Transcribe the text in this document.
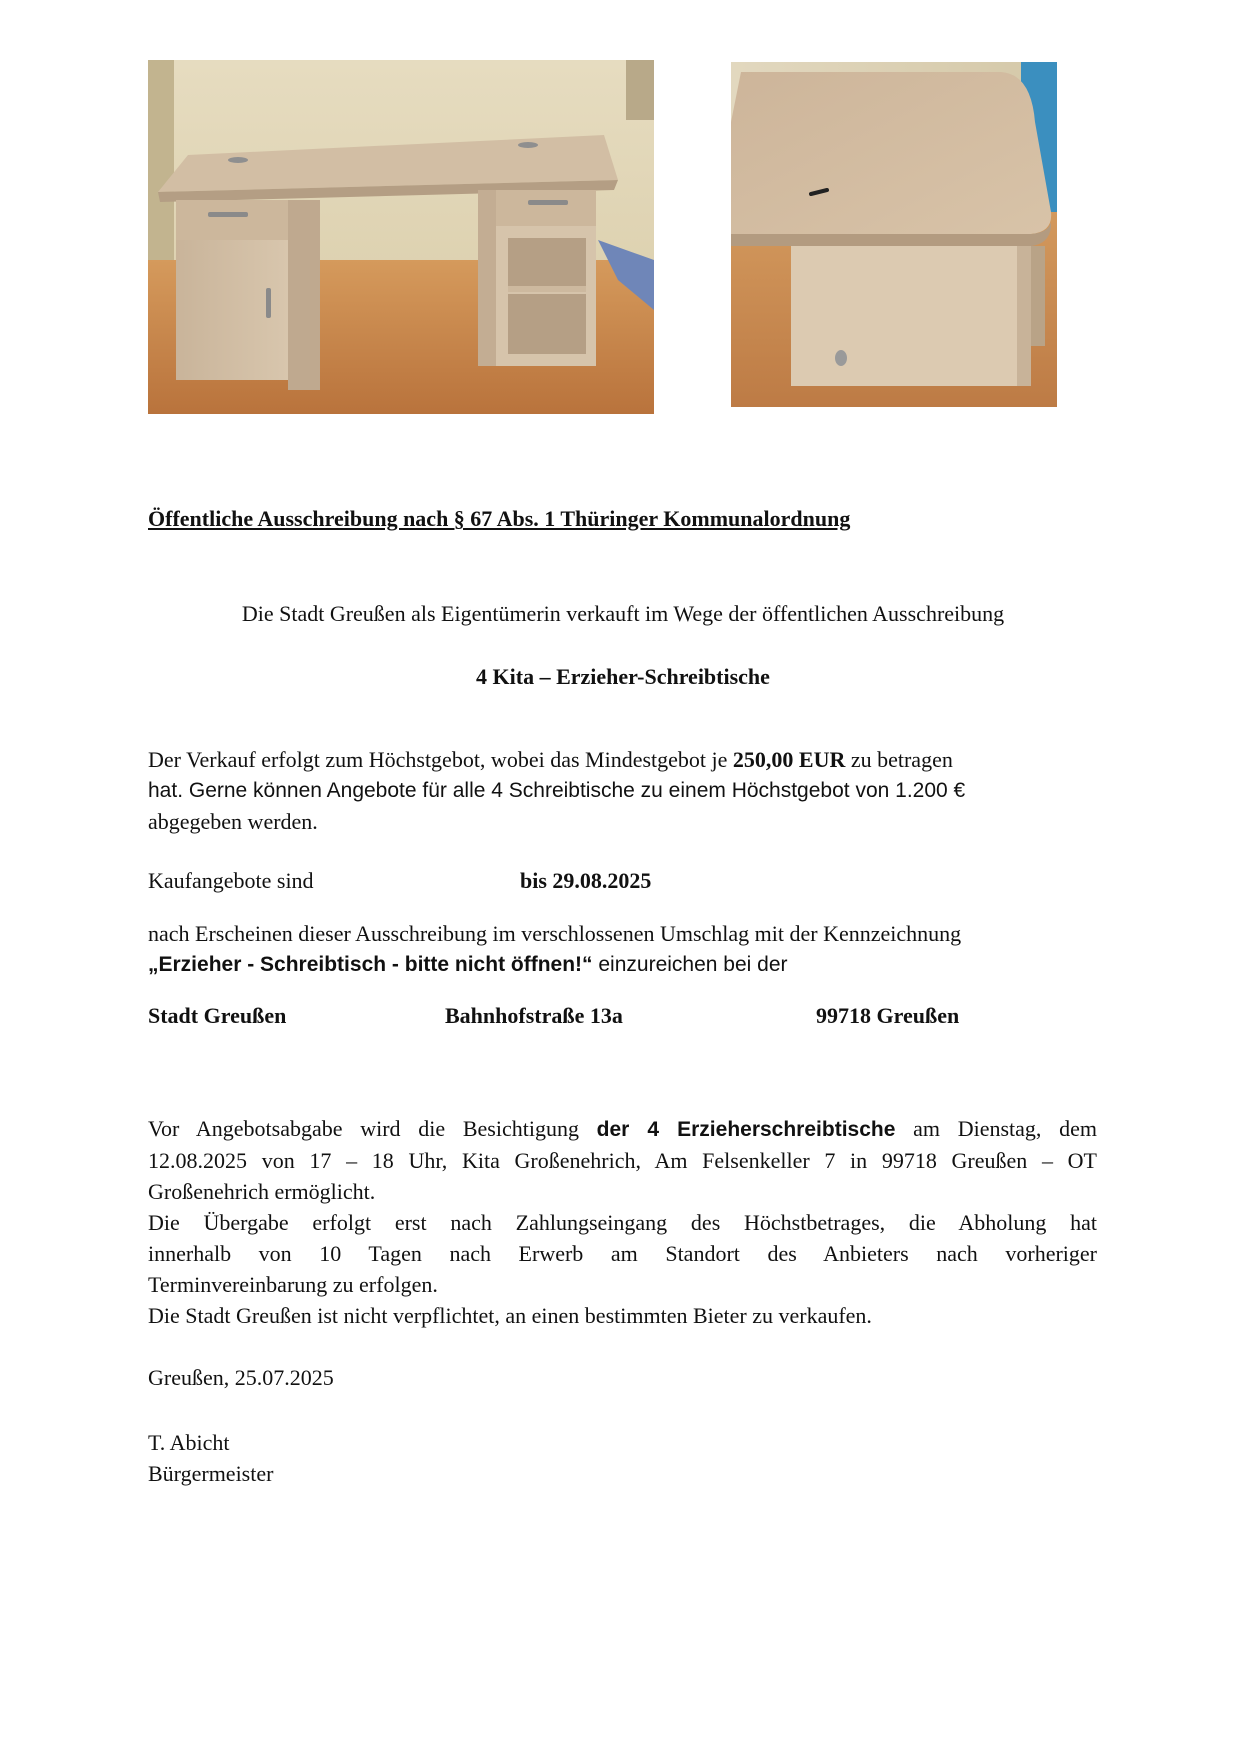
Öffentliche Ausschreibung nach § 67 Abs. 1 Thüringer Kommunalordnung
Die Stadt Greußen als Eigentümerin verkauft im Wege der öffentlichen Ausschreibung
4 Kita – Erzieher-Schreibtische
Der Verkauf erfolgt zum Höchstgebot, wobei das Mindestgebot je 250,00 EUR zu betragen
hat. Gerne können Angebote für alle 4 Schreibtische zu einem Höchstgebot von 1.200 €
abgegeben werden.
Kaufangebote sind	bis 29.08.2025
nach Erscheinen dieser Ausschreibung im verschlossenen Umschlag mit der Kennzeichnung
„Erzieher - Schreibtisch - bitte nicht öffnen!“ einzureichen bei der
Stadt Greußen	Bahnhofstraße 13a	99718 Greußen
Vor Angebotsabgabe wird die Besichtigung der 4 Erzieherschreibtische am Dienstag, dem
12.08.2025 von 17 – 18 Uhr, Kita Großenehrich, Am Felsenkeller 7 in 99718 Greußen – OT
Großenehrich ermöglicht.
Die Übergabe erfolgt erst nach Zahlungseingang des Höchstbetrages, die Abholung hat
innerhalb von 10 Tagen nach Erwerb am Standort des Anbieters nach vorheriger
Terminvereinbarung zu erfolgen.
Die Stadt Greußen ist nicht verpflichtet, an einen bestimmten Bieter zu verkaufen.
Greußen, 25.07.2025
T. Abicht
Bürgermeister
